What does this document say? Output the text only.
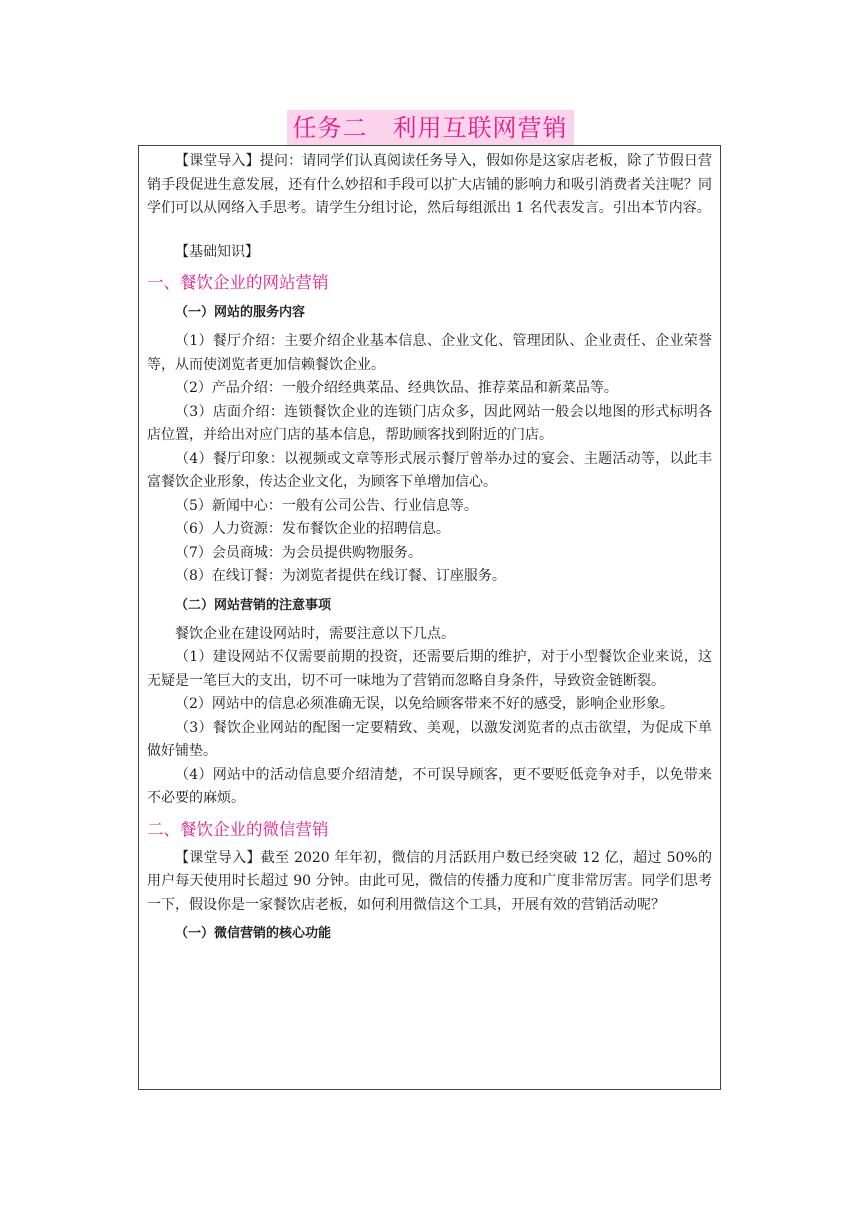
任务二　利用互联网营销

【课堂导入】提问：请同学们认真阅读任务导入，假如你是这家店老板，除了节假日营销手段促进生意发展，还有什么妙招和手段可以扩大店铺的影响力和吸引消费者关注呢？同学们可以从网络入手思考。请学生分组讨论，然后每组派出 1 名代表发言。引出本节内容。

【基础知识】

一、餐饮企业的网站营销
（一）网站的服务内容

（1）餐厅介绍：主要介绍企业基本信息、企业文化、管理团队、企业责任、企业荣誉等，从而使浏览者更加信赖餐饮企业。

（2）产品介绍：一般介绍经典菜品、经典饮品、推荐菜品和新菜品等。

（3）店面介绍：连锁餐饮企业的连锁门店众多，因此网站一般会以地图的形式标明各店位置，并给出对应门店的基本信息，帮助顾客找到附近的门店。

（4）餐厅印象：以视频或文章等形式展示餐厅曾举办过的宴会、主题活动等，以此丰富餐饮企业形象，传达企业文化，为顾客下单增加信心。

（5）新闻中心：一般有公司公告、行业信息等。

（6）人力资源：发布餐饮企业的招聘信息。

（7）会员商城：为会员提供购物服务。

（8）在线订餐：为浏览者提供在线订餐、订座服务。

（二）网站营销的注意事项

餐饮企业在建设网站时，需要注意以下几点。

（1）建设网站不仅需要前期的投资，还需要后期的维护，对于小型餐饮企业来说，这无疑是一笔巨大的支出，切不可一味地为了营销而忽略自身条件，导致资金链断裂。

（2）网站中的信息必须准确无误，以免给顾客带来不好的感受，影响企业形象。

（3）餐饮企业网站的配图一定要精致、美观，以激发浏览者的点击欲望，为促成下单做好铺垫。

（4）网站中的活动信息要介绍清楚，不可误导顾客，更不要贬低竞争对手，以免带来不必要的麻烦。

二、餐饮企业的微信营销

【课堂导入】截至 2020 年年初，微信的月活跃用户数已经突破 12 亿，超过 50%的用户每天使用时长超过 90 分钟。由此可见，微信的传播力度和广度非常厉害。同学们思考一下，假设你是一家餐饮店老板，如何利用微信这个工具，开展有效的营销活动呢？

（一）微信营销的核心功能
